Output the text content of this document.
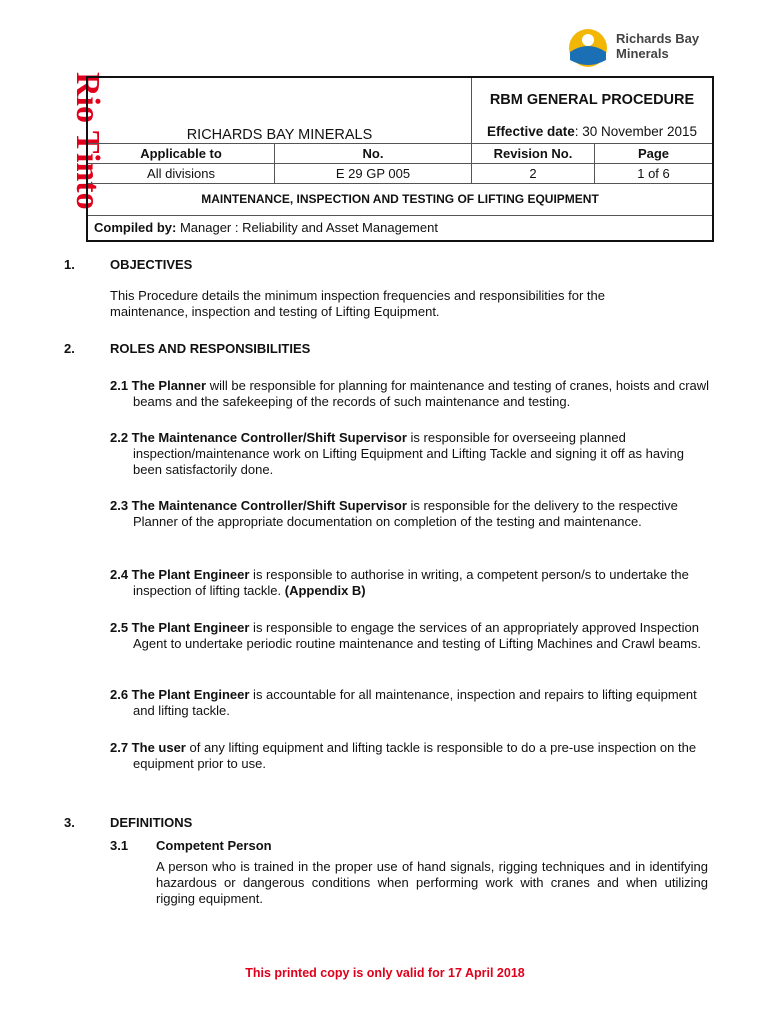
Rio Tinto
Richards Bay
Minerals
		RBM GENERAL PROCEDURE	
RICHARDS BAY MINERALS		Effective date: 30 November 2015	
Applicable to	No.	Revision No.	Page
All divisions	E 29 GP 005	2	1 of 6
MAINTENANCE, INSPECTION AND TESTING OF LIFTING EQUIPMENT			
Compiled by: Manager : Reliability and Asset Management			
1.	OBJECTIVES
This Procedure details the minimum inspection frequencies and responsibilities for the maintenance, inspection and testing of Lifting Equipment.
2.	ROLES AND RESPONSIBILITIES
2.1 The Planner will be responsible for planning for maintenance and testing of cranes, hoists and crawl beams and the safekeeping of the records of such maintenance and testing.
2.2 The Maintenance Controller/Shift Supervisor is responsible for overseeing planned inspection/maintenance work on Lifting Equipment and Lifting Tackle and signing it off as having been satisfactorily done.
2.3 The Maintenance Controller/Shift Supervisor is responsible for the delivery to the respective Planner of the appropriate documentation on completion of the testing and maintenance.
2.4 The Plant Engineer is responsible to authorise in writing, a competent person/s to undertake the inspection of lifting tackle. (Appendix B)
2.5 The Plant Engineer is responsible to engage the services of an appropriately approved Inspection Agent to undertake periodic routine maintenance and testing of Lifting Machines and Crawl beams.
2.6 The Plant Engineer is accountable for all maintenance, inspection and repairs to lifting equipment and lifting tackle.
2.7 The user of any lifting equipment and lifting tackle is responsible to do a pre-use inspection on the equipment prior to use.
3.	DEFINITIONS
3.1 Competent Person
A person who is trained in the proper use of hand signals, rigging techniques and in identifying hazardous or dangerous conditions when performing work with cranes and when utilizing rigging equipment.
This printed copy is only valid for 17 April 2018
